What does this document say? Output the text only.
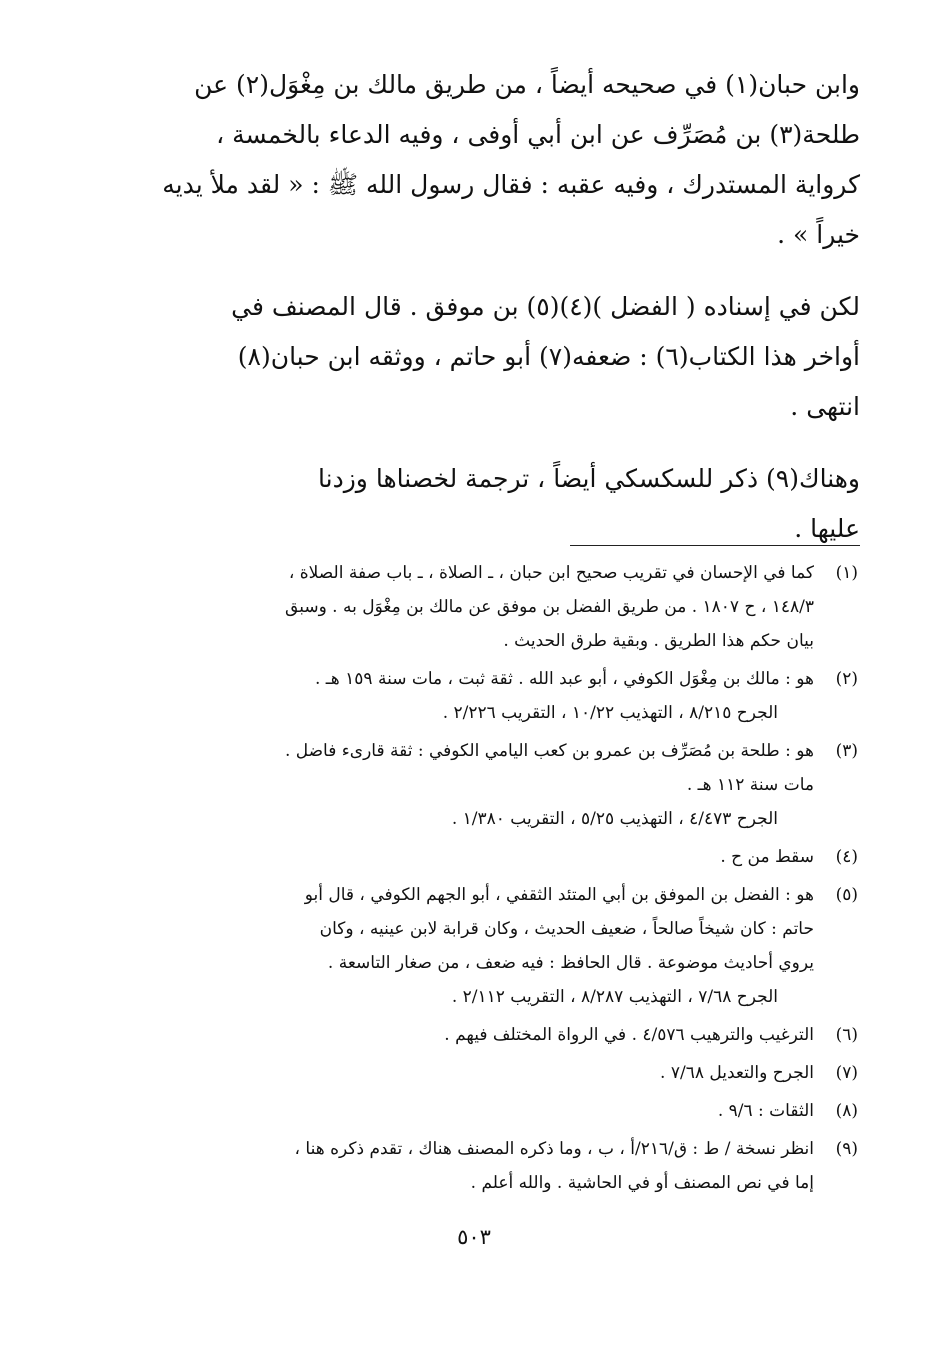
وابن حبان(١) في صحيحه أيضاً ، من طريق مالك بن مِغْوَل(٢) عن

طلحة(٣) بن مُصَرِّف عن ابن أبي أوفى ، وفيه الدعاء بالخمسة ،

كرواية المستدرك ، وفيه عقبه : فقال رسول الله ﷺ : « لقد ملأ يديه

خيراً » .

لكن في إسناده ( الفضل )(٤)(٥) بن موفق . قال المصنف في

أواخر هذا الكتاب(٦) : ضعفه(٧) أبو حاتم ، ووثقه ابن حبان(٨)

انتهى .

وهناك(٩) ذكر للسكسكي أيضاً ، ترجمة لخصناها وزدنا

عليها .

(١)
كما في الإحسان في تقريب صحيح ابن حبان ، ـ الصلاة ، ـ باب صفة الصلاة ،
١٤٨/٣ ، ح ١٨٠٧ . من طريق الفضل بن موفق عن مالك بن مِغْوَل به . وسبق
بيان حكم هذا الطريق . وبقية طرق الحديث .
(٢)
هو : مالك بن مِغْوَل الكوفي ، أبو عبد الله . ثقة ثبت ، مات سنة ١٥٩ هـ .
الجرح ٨/٢١٥ ، التهذيب ١٠/٢٢ ، التقريب ٢/٢٢٦ .
(٣)
هو : طلحة بن مُصَرِّف بن عمرو بن كعب اليامي الكوفي : ثقة قارىء فاضل .
مات سنة ١١٢ هـ .
الجرح ٤/٤٧٣ ، التهذيب ٥/٢٥ ، التقريب ١/٣٨٠ .
(٤)
سقط من ح .
(٥)
هو : الفضل بن الموفق بن أبي المتئد الثقفي ، أبو الجهم الكوفي ، قال أبو
حاتم : كان شيخاً صالحاً ، ضعيف الحديث ، وكان قرابة لابن عينيه ، وكان
يروي أحاديث موضوعة . قال الحافظ : فيه ضعف ، من صغار التاسعة .
الجرح ٧/٦٨ ، التهذيب ٨/٢٨٧ ، التقريب ٢/١١٢ .
(٦)
الترغيب والترهيب ٤/٥٧٦ . في الرواة المختلف فيهم .
(٧)
الجرح والتعديل ٧/٦٨ .
(٨)
الثقات : ٩/٦ .
(٩)
انظر نسخة / ط : ق/٢١٦/أ ، ب ، وما ذكره المصنف هناك ، تقدم ذكره هنا ،
إما في نص المصنف أو في الحاشية . والله أعلم .
٥٠٣
